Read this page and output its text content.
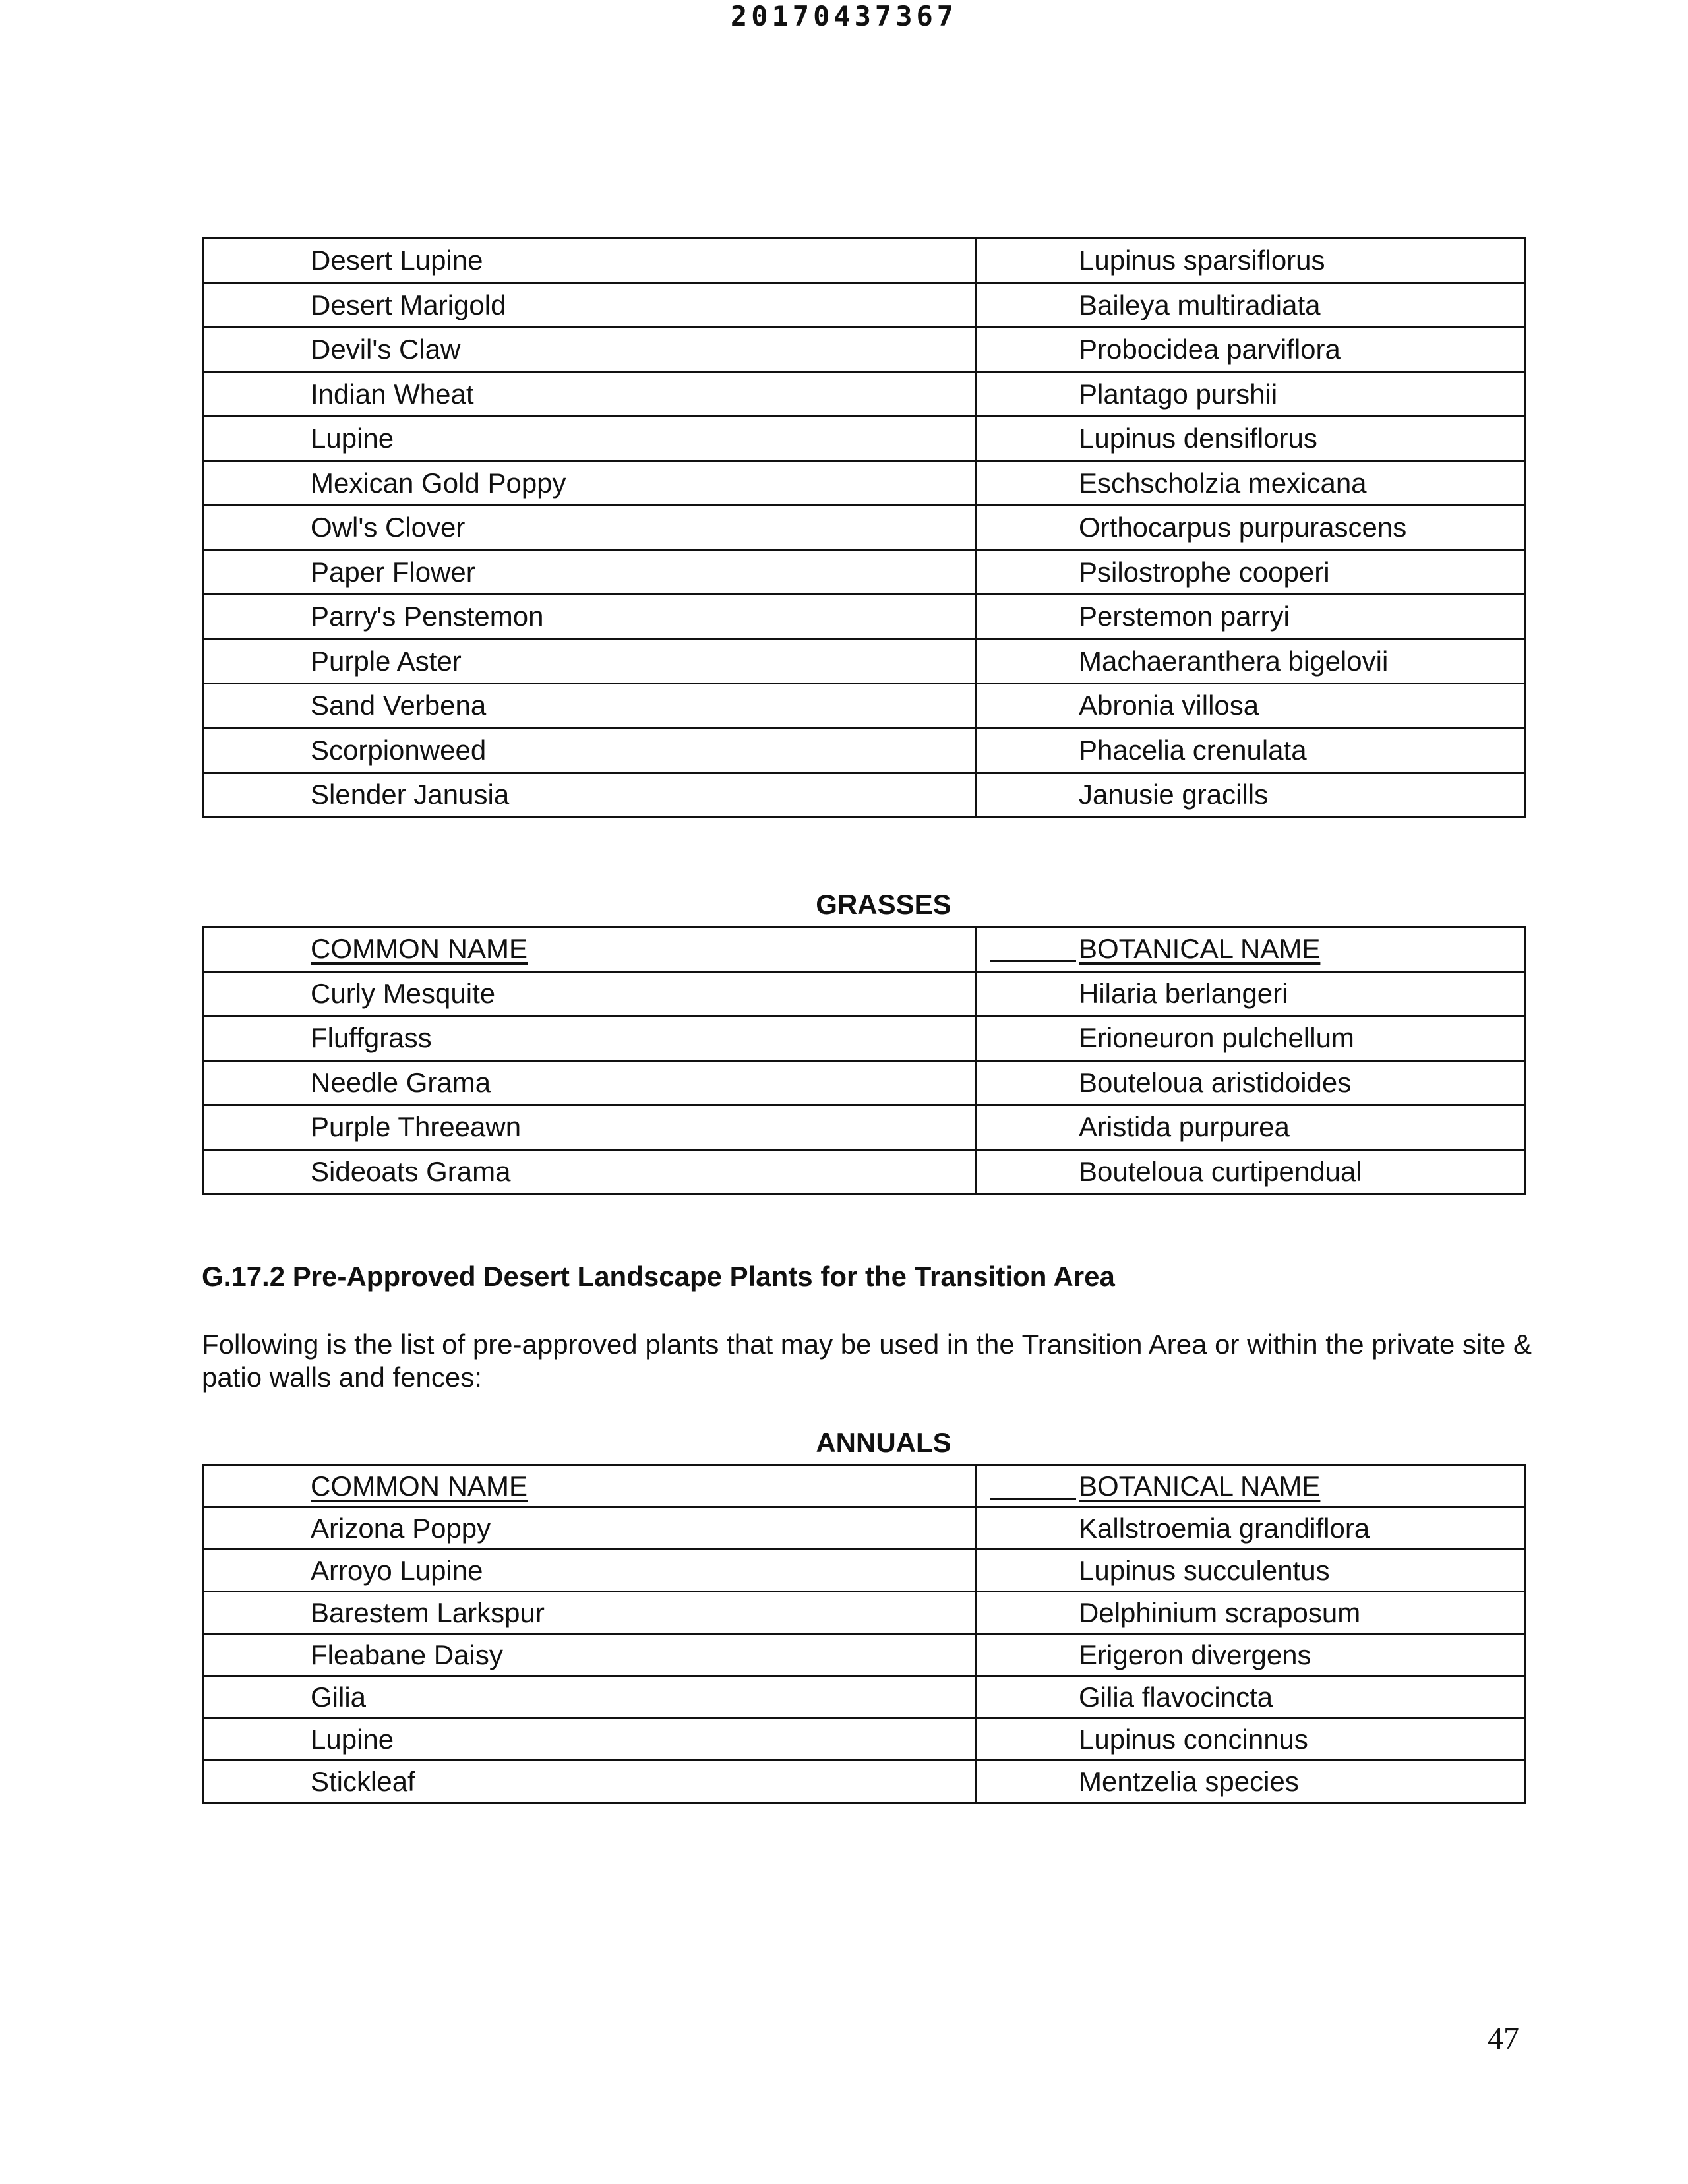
20170437367
Desert Lupine	Lupinus sparsiflorus
Desert Marigold	Baileya multiradiata
Devil's Claw	Probocidea parviflora
Indian Wheat	Plantago purshii
Lupine	Lupinus densiflorus
Mexican Gold Poppy	Eschscholzia mexicana
Owl's Clover	Orthocarpus purpurascens
Paper Flower	Psilostrophe cooperi
Parry's Penstemon	Perstemon parryi
Purple Aster	Machaeranthera bigelovii
Sand Verbena	Abronia villosa
Scorpionweed	Phacelia crenulata
Slender Janusia	Janusie gracills
GRASSES
COMMON NAME	BOTANICAL NAME
Curly Mesquite	Hilaria berlangeri
Fluffgrass	Erioneuron pulchellum
Needle Grama	Bouteloua aristidoides
Purple Threeawn	Aristida purpurea
Sideoats Grama	Bouteloua curtipendual
G.17.2 Pre-Approved Desert Landscape Plants for the Transition Area
Following is the list of pre-approved plants that may be used in the Transition Area or within the private site & patio walls and fences:
ANNUALS
COMMON NAME	BOTANICAL NAME
Arizona Poppy	Kallstroemia grandiflora
Arroyo Lupine	Lupinus succulentus
Barestem Larkspur	Delphinium scraposum
Fleabane Daisy	Erigeron divergens
Gilia	Gilia flavocincta
Lupine	Lupinus concinnus
Stickleaf	Mentzelia species
47
